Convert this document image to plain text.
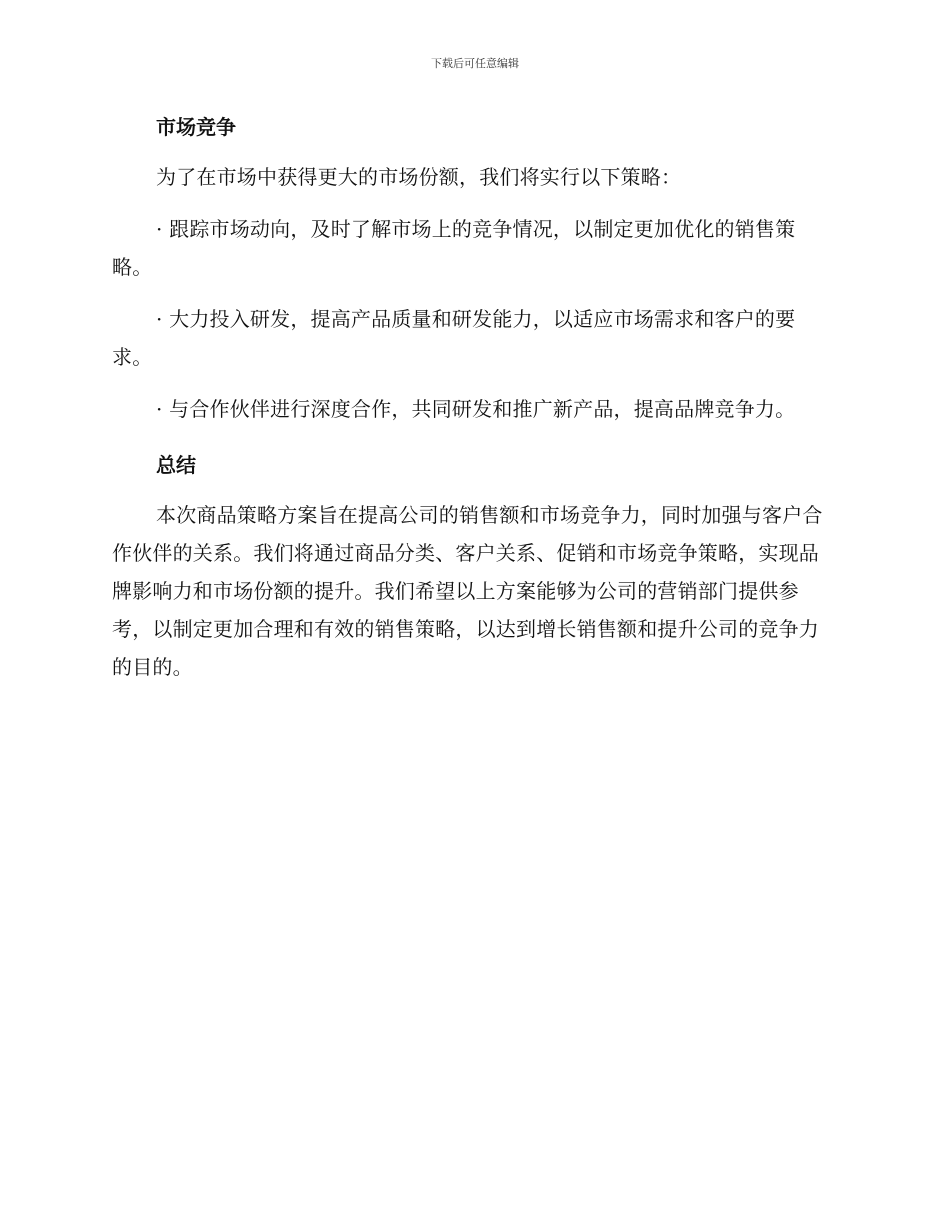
下载后可任意编辑
市场竞争

为了在市场中获得更大的市场份额，我们将实行以下策略：

· 跟踪市场动向，及时了解市场上的竞争情况，以制定更加优化的销售策略。

· 大力投入研发，提高产品质量和研发能力，以适应市场需求和客户的要求。

· 与合作伙伴进行深度合作，共同研发和推广新产品，提高品牌竞争力。

总结

本次商品策略方案旨在提高公司的销售额和市场竞争力，同时加强与客户合作伙伴的关系。我们将通过商品分类、客户关系、促销和市场竞争策略，实现品牌影响力和市场份额的提升。我们希望以上方案能够为公司的营销部门提供参考，以制定更加合理和有效的销售策略，以达到增长销售额和提升公司的竞争力的目的。
